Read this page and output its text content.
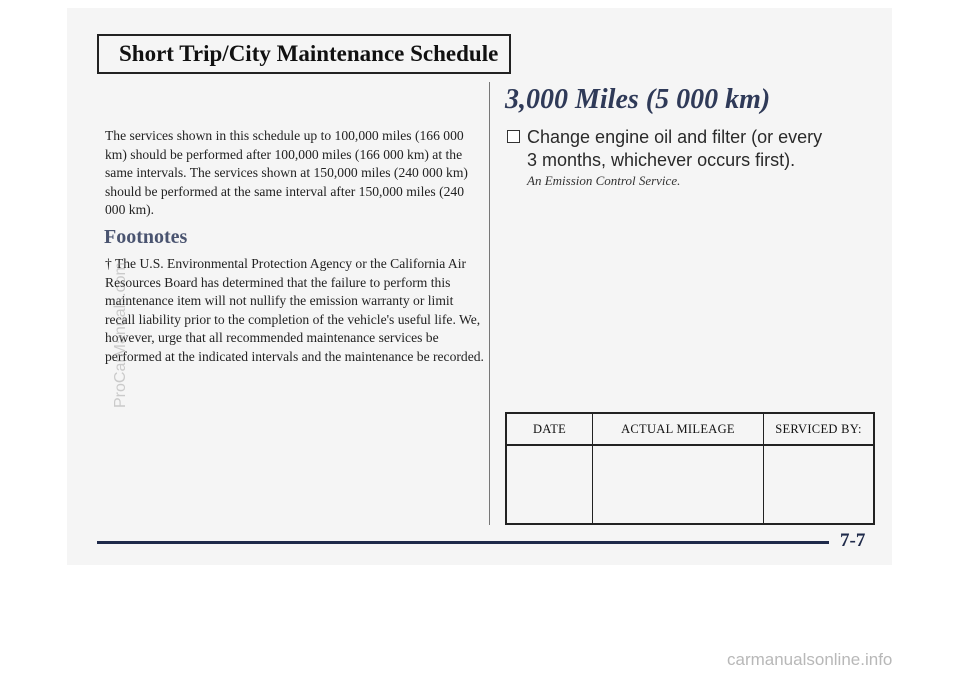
Short Trip/City Maintenance Schedule
The services shown in this schedule up to 100,000 miles (166 000 km) should be performed after 100,000 miles (166 000 km) at the same intervals. The services shown at 150,000 miles (240 000 km) should be performed at the same interval after 150,000 miles (240 000 km).
Footnotes
† The U.S. Environmental Protection Agency or the California Air Resources Board has determined that the failure to perform this maintenance item will not nullify the emission warranty or limit recall liability prior to the completion of the vehicle's useful life. We, however, urge that all recommended maintenance services be performed at the indicated intervals and the maintenance be recorded.
3,000 Miles (5 000 km)
Change engine oil and filter (or every
3 months, whichever occurs first).
An Emission Control Service.
DATE	ACTUAL MILEAGE	SERVICED BY:

7-7
ProCarManuals.com
carmanualsonline.info
